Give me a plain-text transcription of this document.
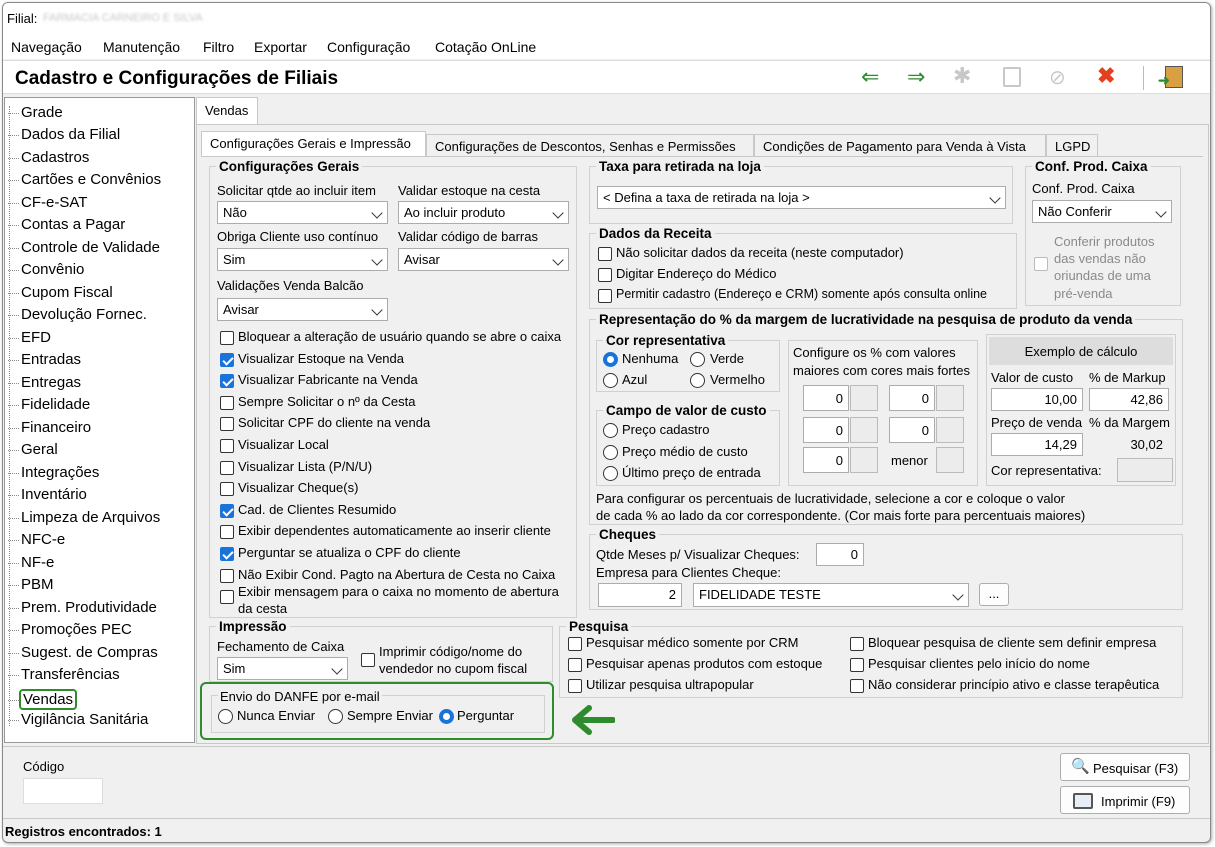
Filial: FARMACIA CARNEIRO E SILVA
Navegação Manutenção Filtro Exportar Configuração Cotação OnLine
Cadastro e Configurações de Filiais	⇐ ⇒ ✱	⊘ ✖	➜
Grade
Dados da Filial
Cadastros
Cartões e Convênios
CF-e-SAT
Contas a Pagar
Controle de Validade
Convênio
Cupom Fiscal
Devolução Fornec.
EFD
Entradas
Entregas
Fidelidade
Financeiro
Geral
Integrações
Inventário
Limpeza de Arquivos
NFC-e
NF-e
PBM
Prem. Produtividade
Promoções PEC
Sugest. de Compras
Transferências
Vendas
Vigilância Sanitária
Vendas
Configurações Gerais e Impressão	Configurações de Descontos, Senhas e Permissões	Condições de Pagamento para Venda à Vista	LGPD
Configurações Gerais
Solicitar qtde ao incluir item
Não
Validar estoque na cesta
Ao incluir produto
Obriga Cliente uso contínuo
Sim
Validar código de barras
Avisar
Validações Venda Balcão
Avisar
Bloquear a alteração de usuário quando se abre o caixa
Visualizar Estoque na Venda
Visualizar Fabricante na Venda
Sempre Solicitar o nº da Cesta
Solicitar CPF do cliente na venda
Visualizar Local
Visualizar Lista (P/N/U)
Visualizar Cheque(s)
Cad. de Clientes Resumido
Exibir dependentes automaticamente ao inserir cliente
Perguntar se atualiza o CPF do cliente
Não Exibir Cond. Pagto na Abertura de Cesta no Caixa
Exibir mensagem para o caixa no momento de abertura
da cesta
Taxa para retirada na loja
< Defina a taxa de retirada na loja >
Conf. Prod. Caixa
Conf. Prod. Caixa
Não Conferir
Conferir produtos
das vendas não
oriundas de uma
pré-venda
Dados da Receita
Não solicitar dados da receita (neste computador)
Digitar Endereço do Médico
Permitir cadastro (Endereço e CRM) somente após consulta online
Representação do % da margem de lucratividade na pesquisa de produto da venda
Cor representativa
Nenhuma Verde
Azul	Vermelho
Campo de valor de custo
Preço cadastro
Preço médio de custo
Último preço de entrada
Configure os % com valores
maiores com cores mais fortes
0	0
0	0
0	menor
Exemplo de cálculo
Valor de custo % de Markup
10,00	42,86
Preço de venda % da Margem
14,29	30,02
Cor representativa:
Para configurar os percentuais de lucratividade, selecione a cor e coloque o valor
de cada % ao lado da cor correspondente. (Cor mais forte para percentuais maiores)
Cheques
Qtde Meses p/ Visualizar Cheques:	0
Empresa para Clientes Cheque:
2	FIDELIDADE TESTE	...
Impressão
Fechamento de Caixa
Sim
Imprimir código/nome do
vendedor no cupom fiscal
Envio do DANFE por e-mail
Nunca Enviar Sempre Enviar Perguntar
Pesquisa
Pesquisar médico somente por CRM
Pesquisar apenas produtos com estoque
Utilizar pesquisa ultrapopular
Bloquear pesquisa de cliente sem definir empresa
Pesquisar clientes pelo início do nome
Não considerar princípio ativo e classe terapêutica
Código	🔍 Pesquisar (F3)
Imprimir (F9)
Registros encontrados: 1
